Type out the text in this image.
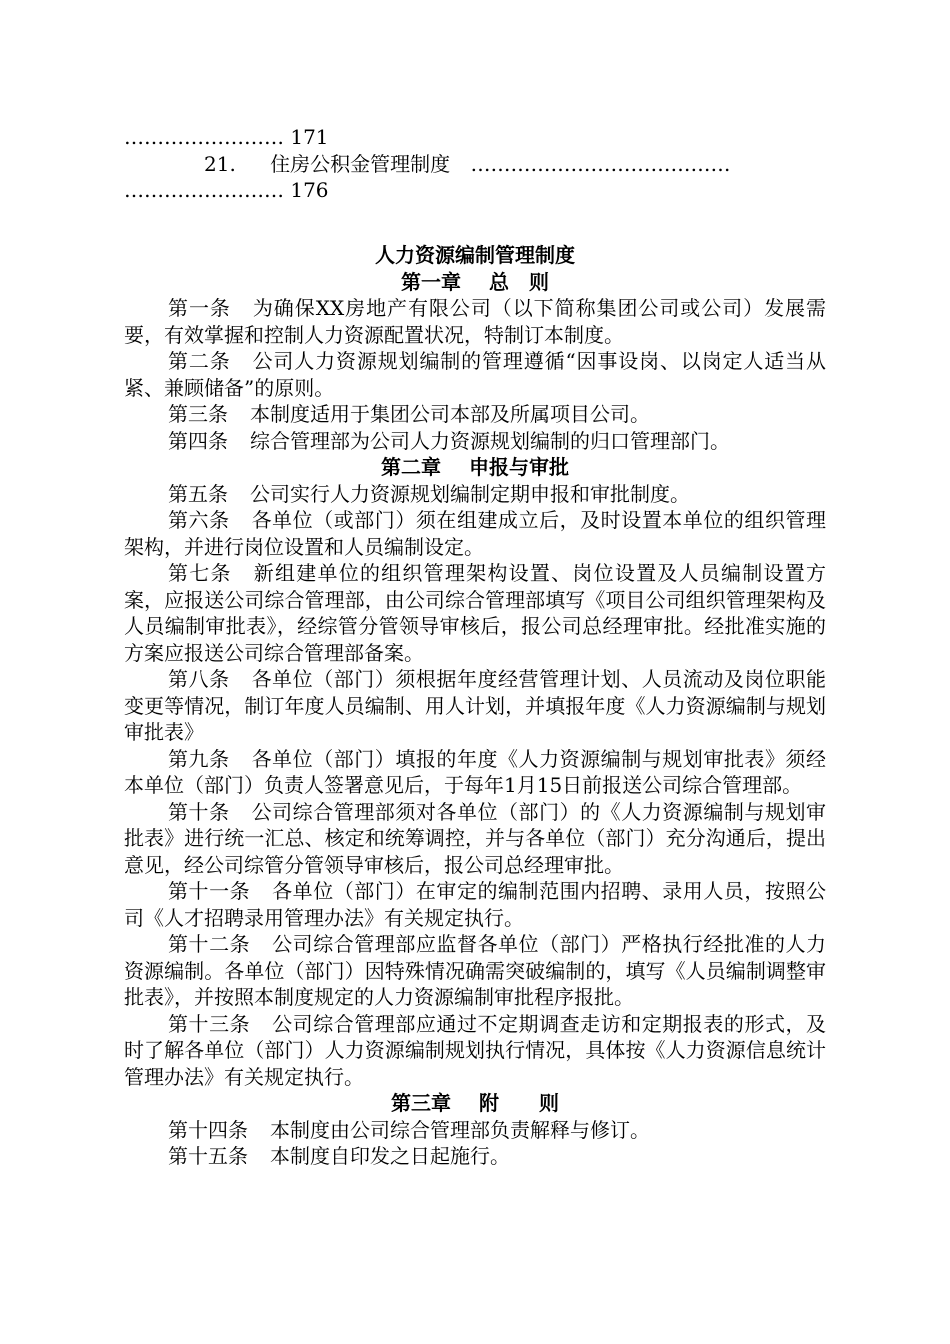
…………………… 171
21. 住房公积金管理制度 …………………………………
…………………… 176
人力资源编制管理制度
第一章 总　则

第一条 为确保XX房地产有限公司（以下简称集团公司或公司）发展需要，有效掌握和控制人力资源配置状况，特制订本制度。

第二条 公司人力资源规划编制的管理遵循“因事设岗、以岗定人适当从紧、兼顾储备”的原则。

第三条 本制度适用于集团公司本部及所属项目公司。

第四条 综合管理部为公司人力资源规划编制的归口管理部门。

第二章 申报与审批

第五条 公司实行人力资源规划编制定期申报和审批制度。

第六条 各单位（或部门）须在组建成立后，及时设置本单位的组织管理架构，并进行岗位设置和人员编制设定。

第七条 新组建单位的组织管理架构设置、岗位设置及人员编制设置方案，应报送公司综合管理部，由公司综合管理部填写《项目公司组织管理架构及人员编制审批表》，经综管分管领导审核后，报公司总经理审批。经批准实施的方案应报送公司综合管理部备案。

第八条 各单位（部门）须根据年度经营管理计划、人员流动及岗位职能变更等情况，制订年度人员编制、用人计划，并填报年度《人力资源编制与规划审批表》

第九条 各单位（部门）填报的年度《人力资源编制与规划审批表》须经本单位（部门）负责人签署意见后，于每年1月15日前报送公司综合管理部。

第十条 公司综合管理部须对各单位（部门）的《人力资源编制与规划审批表》进行统一汇总、核定和统筹调控，并与各单位（部门）充分沟通后，提出意见，经公司综管分管领导审核后，报公司总经理审批。

第十一条 各单位（部门）在审定的编制范围内招聘、录用人员，按照公司《人才招聘录用管理办法》有关规定执行。

第十二条 公司综合管理部应监督各单位（部门）严格执行经批准的人力资源编制。各单位（部门）因特殊情况确需突破编制的，填写《人员编制调整审批表》，并按照本制度规定的人力资源编制审批程序报批。

第十三条 公司综合管理部应通过不定期调查走访和定期报表的形式，及时了解各单位（部门）人力资源编制规划执行情况，具体按《人力资源信息统计管理办法》有关规定执行。

第三章 附　　则

第十四条 本制度由公司综合管理部负责解释与修订。

第十五条 本制度自印发之日起施行。
